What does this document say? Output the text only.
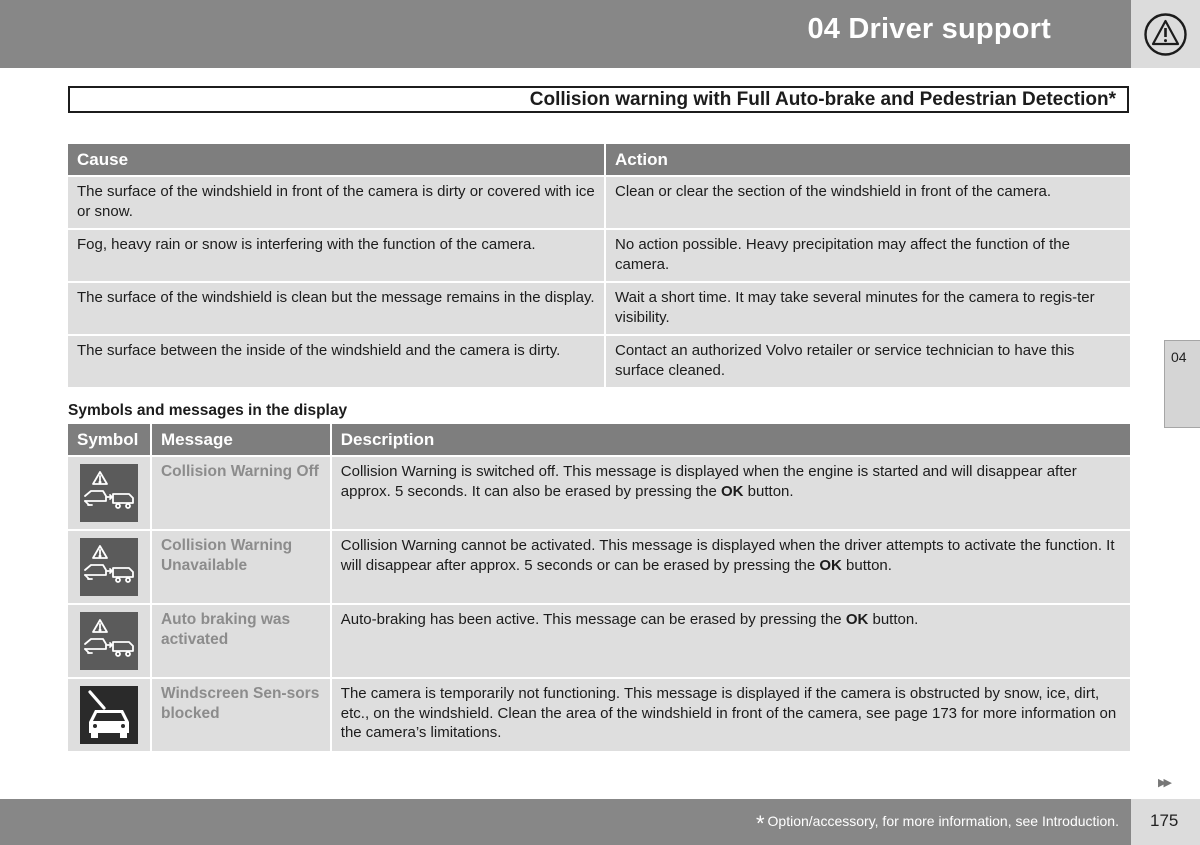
04 Driver support
Collision warning with Full Auto-brake and Pedestrian Detection*
Cause	Action
The surface of the windshield in front of the camera is dirty or covered with ice or snow.	Clean or clear the section of the windshield in front of the camera.
Fog, heavy rain or snow is interfering with the function of the camera.	No action possible. Heavy precipitation may affect the function of the camera.
The surface of the windshield is clean but the message remains in the display.	Wait a short time. It may take several minutes for the camera to regis-ter visibility.
The surface between the inside of the windshield and the camera is dirty.	Contact an authorized Volvo retailer or service technician to have this surface cleaned.
Symbols and messages in the display
Symbol	Message	Description

	Collision Warning Off	Collision Warning is switched off. This message is displayed when the engine is started and will disappear after approx. 5 seconds. It can also be erased by pressing the OK button.

	Collision Warning Unavailable	Collision Warning cannot be activated. This message is displayed when the driver attempts to activate the function. It will disappear after approx. 5 seconds or can be erased by pressing the OK button.

	Auto braking was activated	Auto-braking has been active. This message can be erased by pressing the OK button.

	Windscreen Sen-sors blocked	The camera is temporarily not functioning. This message is displayed if the camera is obstructed by snow, ice, dirt, etc., on the windshield. Clean the area of the windshield in front of the camera, see page 173 for more information on the camera’s limitations.
04
▶▶
* Option/accessory, for more information, see Introduction. 175
